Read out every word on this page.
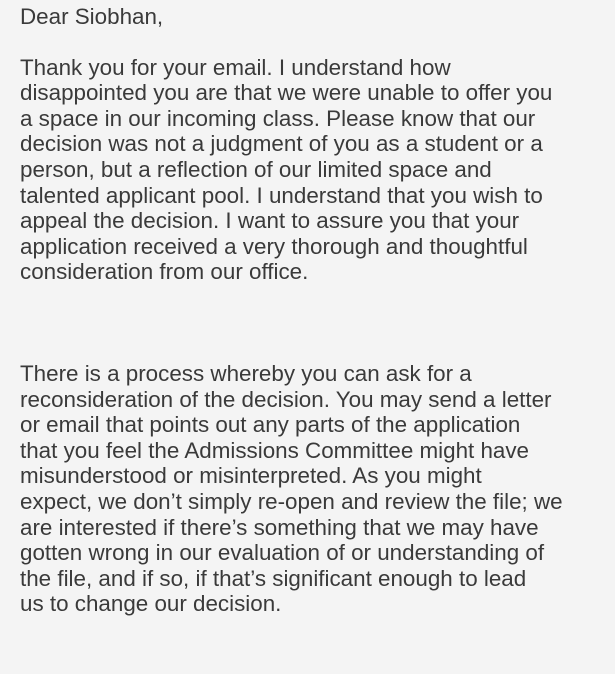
Dear Siobhan,

Thank you for your email. I understand how
disappointed you are that we were unable to offer you
a space in our incoming class. Please know that our
decision was not a judgment of you as a student or a
person, but a reflection of our limited space and
talented applicant pool. I understand that you wish to
appeal the decision. I want to assure you that your
application received a very thorough and thoughtful
consideration from our office.

There is a process whereby you can ask for a
reconsideration of the decision. You may send a letter
or email that points out any parts of the application
that you feel the Admissions Committee might have
misunderstood or misinterpreted. As you might
expect, we don’t simply re-open and review the file; we
are interested if there’s something that we may have
gotten wrong in our evaluation of or understanding of
the file, and if so, if that’s significant enough to lead
us to change our decision.
